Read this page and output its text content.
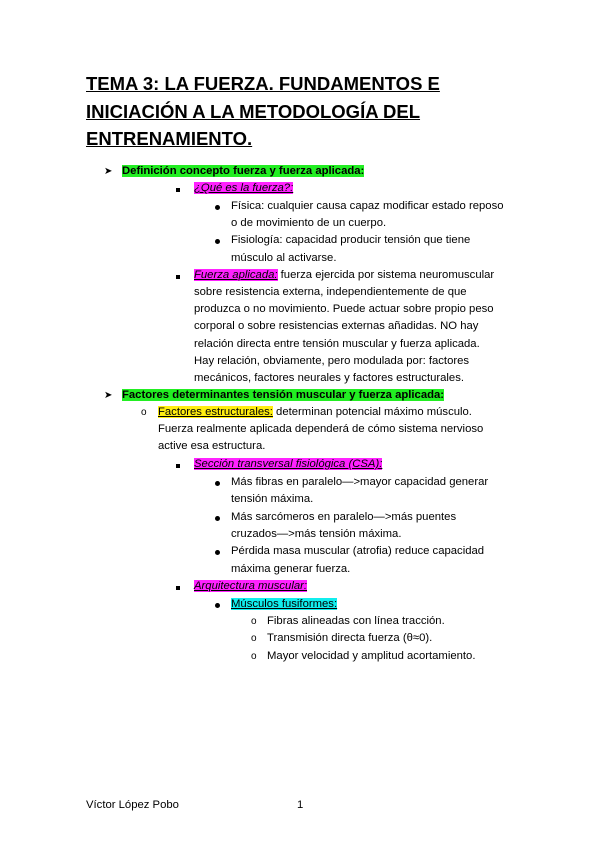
TEMA 3: LA FUERZA. FUNDAMENTOS E
INICIACIÓN A LA METODOLOGÍA DEL
ENTRENAMIENTO.
➤ Definición concepto fuerza y fuerza aplicada:
¿Qué es la fuerza?:
Física: cualquier causa capaz modificar estado reposo
o de movimiento de un cuerpo.
Fisiología: capacidad producir tensión que tiene
músculo al activarse.
Fuerza aplicada: fuerza ejercida por sistema neuromuscular
sobre resistencia externa, independientemente de que
produzca o no movimiento. Puede actuar sobre propio peso
corporal o sobre resistencias externas añadidas. NO hay
relación directa entre tensión muscular y fuerza aplicada.
Hay relación, obviamente, pero modulada por: factores
mecánicos, factores neurales y factores estructurales.
➤ Factores determinantes tensión muscular y fuerza aplicada:
o Factores estructurales: determinan potencial máximo músculo.
Fuerza realmente aplicada dependerá de cómo sistema nervioso
active esa estructura.
Sección transversal fisiológica (CSA):
Más fibras en paralelo—>mayor capacidad generar
tensión máxima.
Más sarcómeros en paralelo—>más puentes
cruzados—>más tensión máxima.
Pérdida masa muscular (atrofia) reduce capacidad
máxima generar fuerza.
Arquitectura muscular:
Músculos fusiformes:
o Fibras alineadas con línea tracción.
o Transmisión directa fuerza (θ≈0).
o Mayor velocidad y amplitud acortamiento.
Víctor López Pobo	1
